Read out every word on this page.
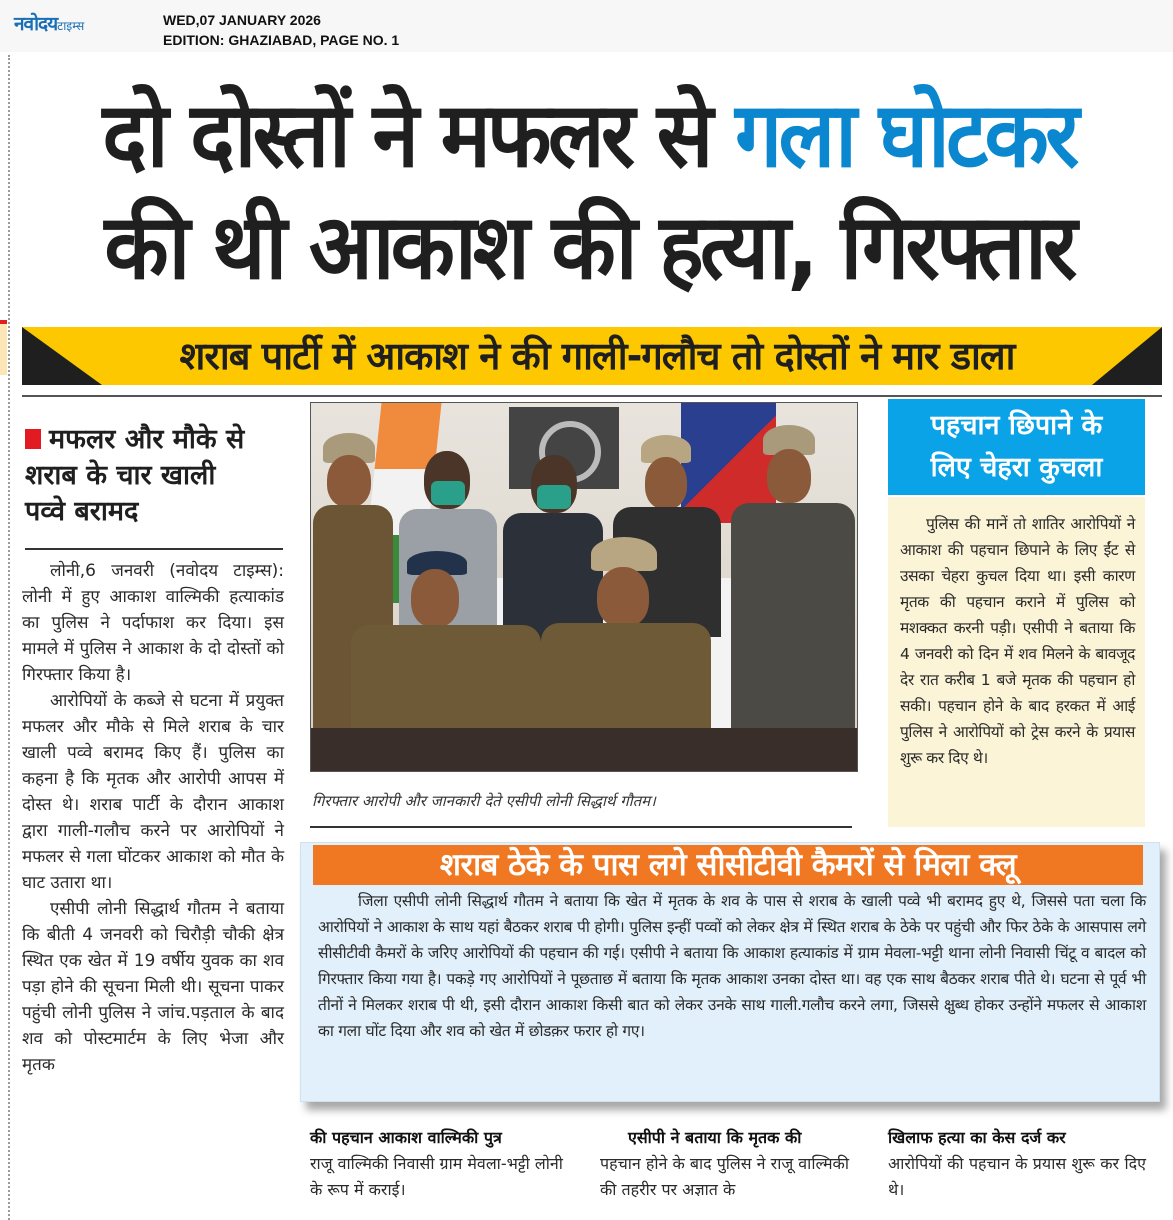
नवोदयटाइम्स	WED,07 JANUARY 2026
EDITION: GHAZIABAD, PAGE NO. 1
दो दोस्तों ने मफलर से गला घोटकर
की थी आकाश की हत्या, गिरफ्तार
शराब पार्टी में आकाश ने की गाली-गलौच तो दोस्तों ने मार डाला
मफलर और मौके से
शराब के चार खाली
पव्वे बरामद

लोनी,6 जनवरी (नवोदय टाइम्स): लोनी में हुए आकाश वाल्मिकी हत्याकांड का पुलिस ने पर्दाफाश कर दिया। इस मामले में पुलिस ने आकाश के दो दोस्तों को गिरफ्तार किया है।

आरोपियों के कब्जे से घटना में प्रयुक्त मफलर और मौके से मिले शराब के चार खाली पव्वे बरामद किए हैं। पुलिस का कहना है कि मृतक और आरोपी आपस में दोस्त थे। शराब पार्टी के दौरान आकाश द्वारा गाली-गलौच करने पर आरोपियों ने मफलर से गला घोंटकर आकाश को मौत के घाट उतारा था।

एसीपी लोनी सिद्धार्थ गौतम ने बताया कि बीती 4 जनवरी को चिरौड़ी चौकी क्षेत्र स्थित एक खेत में 19 वर्षीय युवक का शव पड़ा होने की सूचना मिली थी। सूचना पाकर पहुंची लोनी पुलिस ने जांच.पड़ताल के बाद शव को पोस्टमार्टम के लिए भेजा और मृतक

गिरफ्तार आरोपी और जानकारी देते एसीपी लोनी सिद्धार्थ गौतम।
पहचान छिपाने के
लिए चेहरा कुचला

पुलिस की मानें तो शातिर आरोपियों ने आकाश की पहचान छिपाने के लिए ईंट से उसका चेहरा कुचल दिया था। इसी कारण मृतक की पहचान कराने में पुलिस को मशक्कत करनी पड़ी। एसीपी ने बताया कि 4 जनवरी को दिन में शव मिलने के बावजूद देर रात करीब 1 बजे मृतक की पहचान हो सकी। पहचान होने के बाद हरकत में आई पुलिस ने आरोपियों को ट्रेस करने के प्रयास शुरू कर दिए थे।

शराब ठेके के पास लगे सीसीटीवी कैमरों से मिला क्लू

जिला एसीपी लोनी सिद्धार्थ गौतम ने बताया कि खेत में मृतक के शव के पास से शराब के खाली पव्वे भी बरामद हुए थे, जिससे पता चला कि आरोपियों ने आकाश के साथ यहां बैठकर शराब पी होगी। पुलिस इन्हीं पव्वों को लेकर क्षेत्र में स्थित शराब के ठेके पर पहुंची और फिर ठेके के आसपास लगे सीसीटीवी कैमरों के जरिए आरोपियों की पहचान की गई। एसीपी ने बताया कि आकाश हत्याकांड में ग्राम मेवला-भट्टी थाना लोनी निवासी चिंटू व बादल को गिरफ्तार किया गया है। पकड़े गए आरोपियों ने पूछताछ में बताया कि मृतक आकाश उनका दोस्त था। वह एक साथ बैठकर शराब पीते थे। घटना से पूर्व भी तीनों ने मिलकर शराब पी थी, इसी दौरान आकाश किसी बात को लेकर उनके साथ गाली.गलौच करने लगा, जिससे क्षुब्ध होकर उन्होंने मफलर से आकाश का गला घोंट दिया और शव को खेत में छोडक़र फरार हो गए।

की पहचान आकाश वाल्मिकी पुत्र
राजू वाल्मिकी निवासी ग्राम मेवला-भट्टी लोनी के रूप में कराई।
एसीपी ने बताया कि मृतक की
पहचान होने के बाद पुलिस ने राजू वाल्मिकी की तहरीर पर अज्ञात के
खिलाफ हत्या का केस दर्ज कर
आरोपियों की पहचान के प्रयास शुरू कर दिए थे।
